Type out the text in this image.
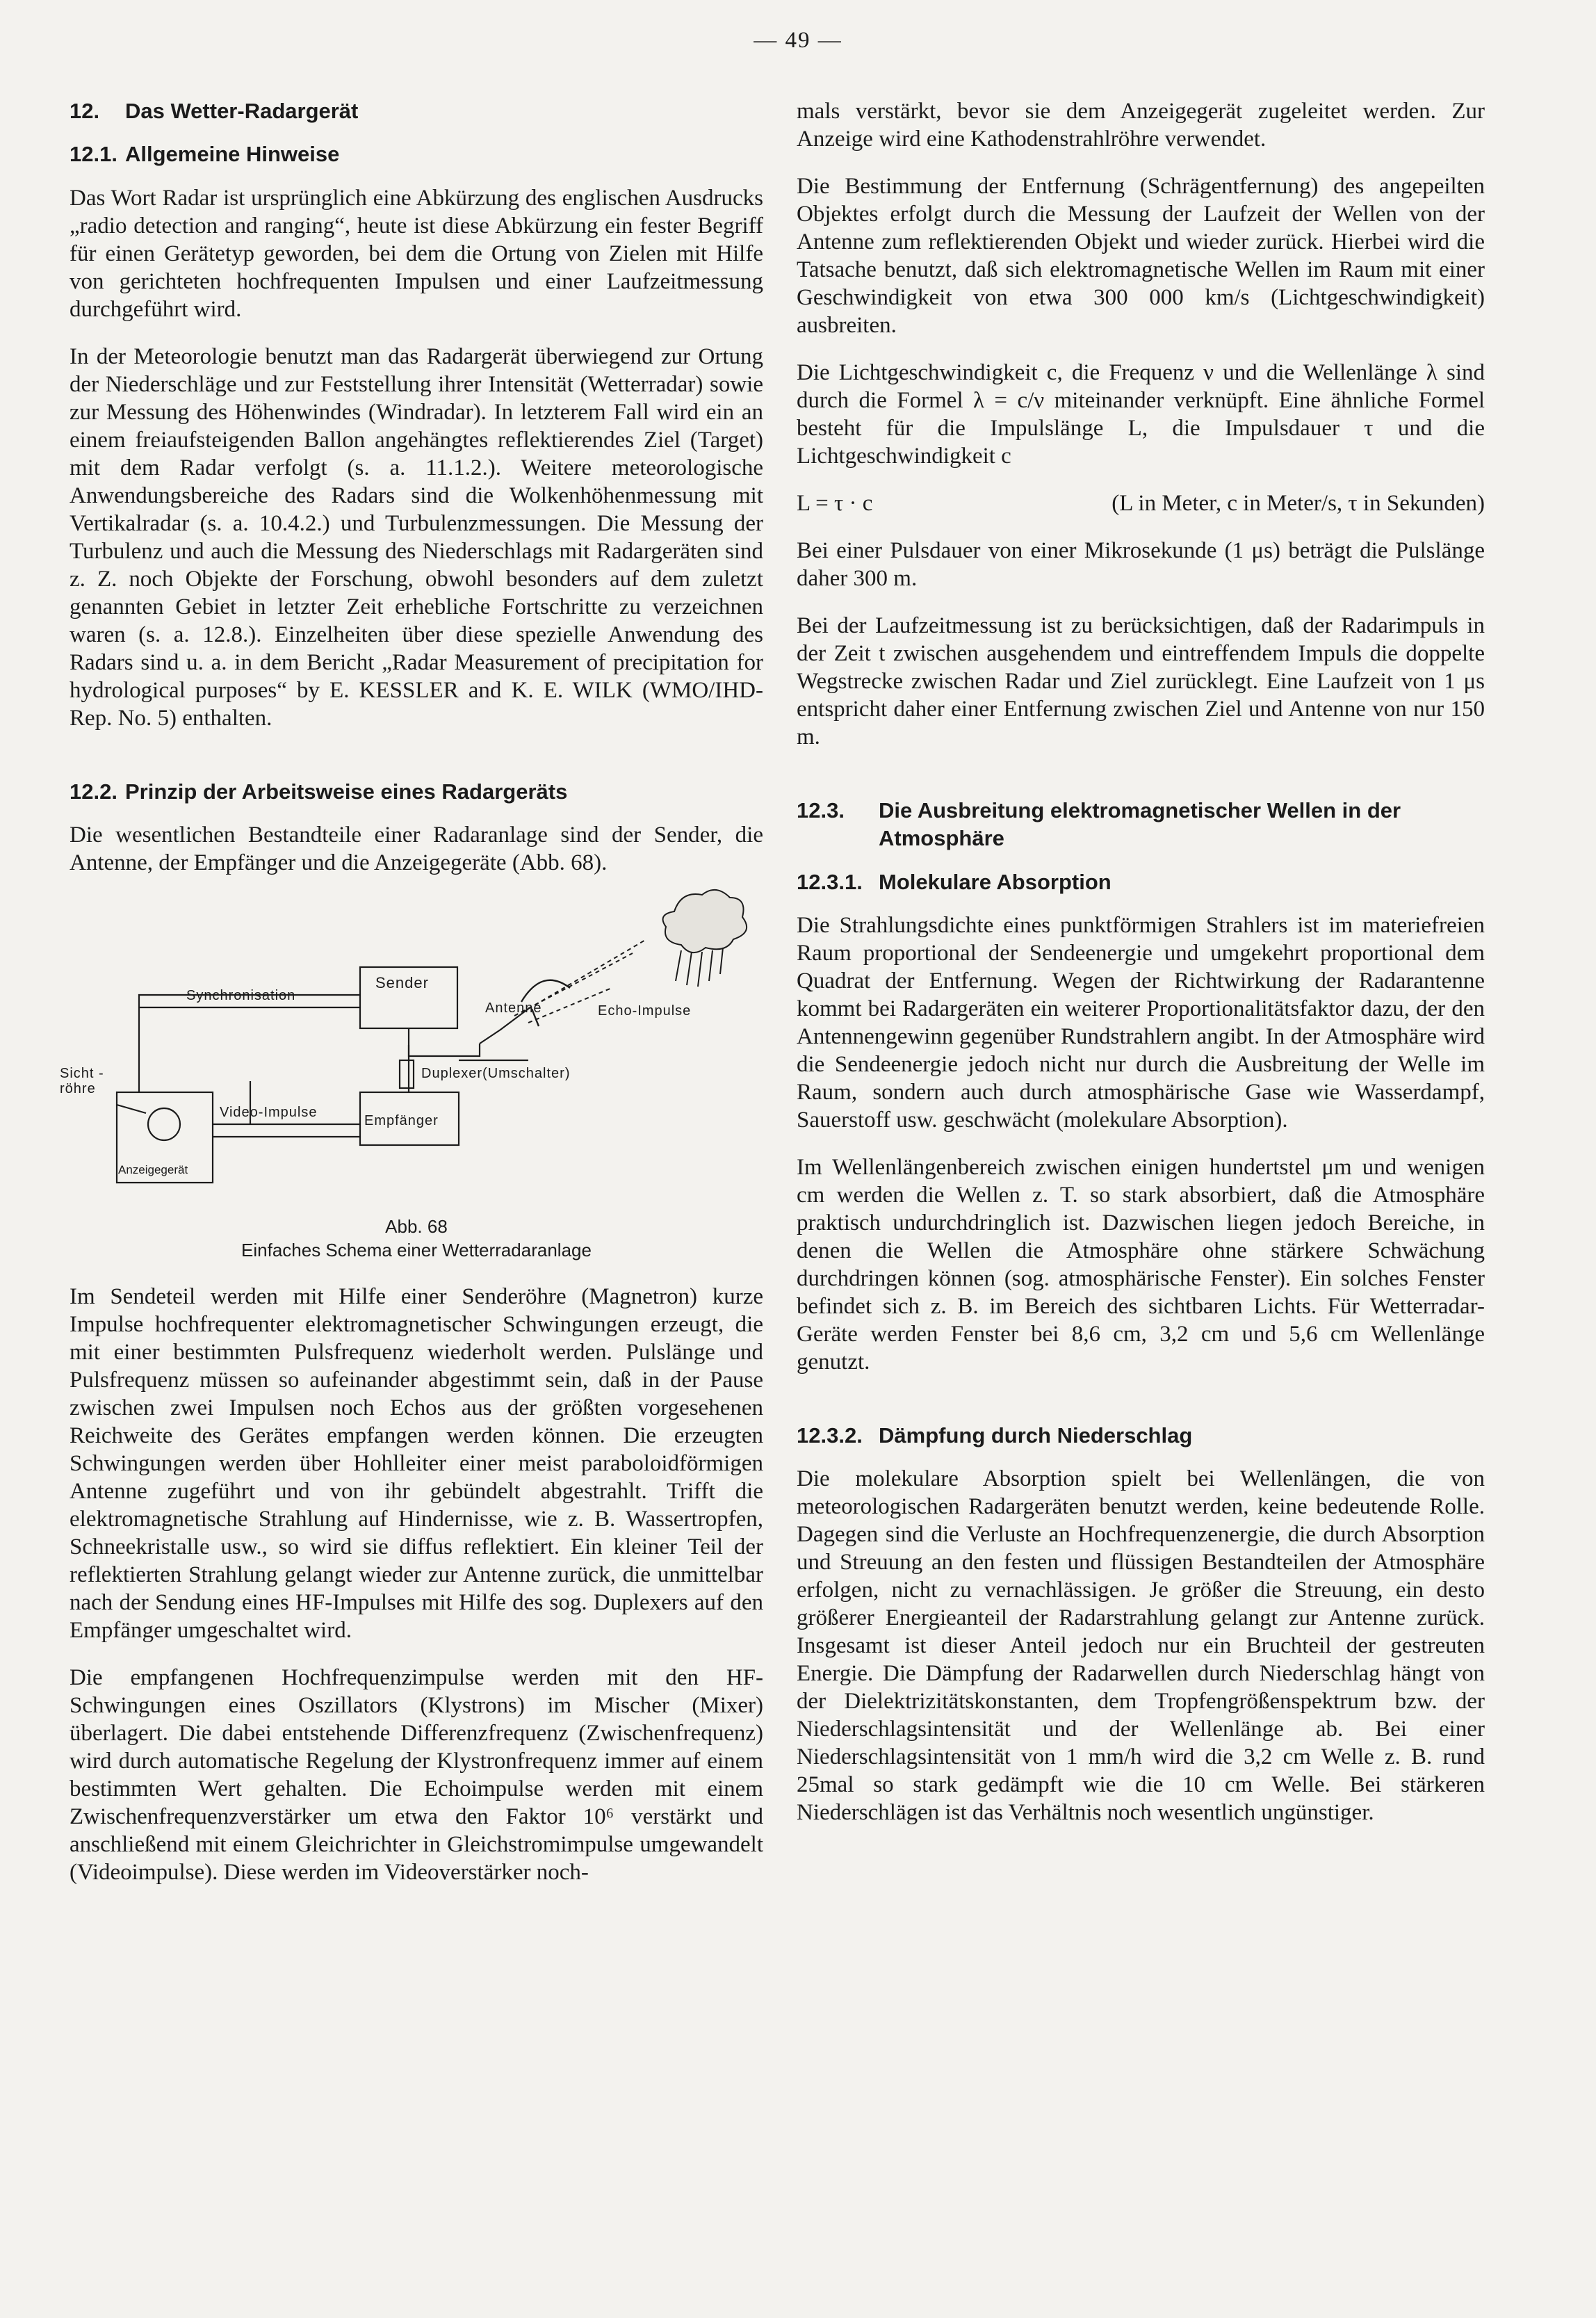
— 49 —
12. Das Wetter-Radargerät
12.1. Allgemeine Hinweise

Das Wort Radar ist ursprünglich eine Abkürzung des englischen Ausdrucks „radio detection and ranging“, heute ist diese Abkürzung ein fester Begriff für einen Gerätetyp geworden, bei dem die Ortung von Zielen mit Hilfe von gerichteten hochfrequenten Impulsen und einer Laufzeitmessung durchgeführt wird.

In der Meteorologie benutzt man das Radargerät überwiegend zur Ortung der Niederschläge und zur Feststellung ihrer Intensität (Wetterradar) sowie zur Messung des Höhenwindes (Windradar). In letzterem Fall wird ein an einem freiaufsteigenden Ballon angehängtes reflektierendes Ziel (Target) mit dem Radar verfolgt (s. a. 11.1.2.). Weitere meteorologische Anwendungsbereiche des Radars sind die Wolkenhöhenmessung mit Vertikalradar (s. a. 10.4.2.) und Turbulenzmessungen. Die Messung der Turbulenz und auch die Messung des Niederschlags mit Radargeräten sind z. Z. noch Objekte der Forschung, obwohl besonders auf dem zuletzt genannten Gebiet in letzter Zeit erhebliche Fortschritte zu verzeichnen waren (s. a. 12.8.). Einzelheiten über diese spezielle Anwendung des Radars sind u. a. in dem Bericht „Radar Measurement of precipitation for hydrological purposes“ by E. KESSLER and K. E. WILK (WMO/IHD-Rep. No. 5) enthalten.

12.2. Prinzip der Arbeitsweise eines Radargeräts

Die wesentlichen Bestandteile einer Radaranlage sind der Sender, die Antenne, der Empfänger und die Anzeigegeräte (Abb. 68).

Synchronisation
Sender
Antenne	Echo-Impulse
Duplexer(Umschalter)
Sicht -
röhre
Video-Impulse
Empfänger
Anzeigegerät
Abb. 68
Einfaches Schema einer Wetterradaranlage

Im Sendeteil werden mit Hilfe einer Senderöhre (Magnetron) kurze Impulse hochfrequenter elektromagnetischer Schwingungen erzeugt, die mit einer bestimmten Pulsfrequenz wiederholt werden. Pulslänge und Pulsfrequenz müssen so aufeinander abgestimmt sein, daß in der Pause zwischen zwei Impulsen noch Echos aus der größten vorgesehenen Reichweite des Gerätes empfangen werden können. Die erzeugten Schwingungen werden über Hohlleiter einer meist paraboloidförmigen Antenne zugeführt und von ihr gebündelt abgestrahlt. Trifft die elektromagnetische Strahlung auf Hindernisse, wie z. B. Wassertropfen, Schneekristalle usw., so wird sie diffus reflektiert. Ein kleiner Teil der reflektierten Strahlung gelangt wieder zur Antenne zurück, die unmittelbar nach der Sendung eines HF-Impulses mit Hilfe des sog. Duplexers auf den Empfänger umgeschaltet wird.

Die empfangenen Hochfrequenzimpulse werden mit den HF-Schwingungen eines Oszillators (Klystrons) im Mischer (Mixer) überlagert. Die dabei entstehende Differenzfrequenz (Zwischenfrequenz) wird durch automatische Regelung der Klystronfrequenz immer auf einem bestimmten Wert gehalten. Die Echoimpulse werden mit einem Zwischenfrequenzverstärker um etwa den Faktor 10⁶ verstärkt und anschließend mit einem Gleichrichter in Gleichstromimpulse umgewandelt (Videoimpulse). Diese werden im Videoverstärker noch-

mals verstärkt, bevor sie dem Anzeigegerät zugeleitet werden. Zur Anzeige wird eine Kathodenstrahlröhre verwendet.

Die Bestimmung der Entfernung (Schrägentfernung) des angepeilten Objektes erfolgt durch die Messung der Laufzeit der Wellen von der Antenne zum reflektierenden Objekt und wieder zurück. Hierbei wird die Tatsache benutzt, daß sich elektromagnetische Wellen im Raum mit einer Geschwindigkeit von etwa 300 000 km/s (Lichtgeschwindigkeit) ausbreiten.

Die Lichtgeschwindigkeit c, die Frequenz ν und die Wellenlänge λ sind durch die Formel λ = c/ν miteinander verknüpft. Eine ähnliche Formel besteht für die Impulslänge L, die Impulsdauer τ und die Lichtgeschwindigkeit c

L = τ · c	(L in Meter, c in Meter/s, τ in Sekunden)

Bei einer Pulsdauer von einer Mikrosekunde (1 μs) beträgt die Pulslänge daher 300 m.

Bei der Laufzeitmessung ist zu berücksichtigen, daß der Radarimpuls in der Zeit t zwischen ausgehendem und eintreffendem Impuls die doppelte Wegstrecke zwischen Radar und Ziel zurücklegt. Eine Laufzeit von 1 μs entspricht daher einer Entfernung zwischen Ziel und Antenne von nur 150 m.

12.3.	Die Ausbreitung elektromagnetischer Wellen in der Atmosphäre
12.3.1. Molekulare Absorption

Die Strahlungsdichte eines punktförmigen Strahlers ist im materiefreien Raum proportional der Sendeenergie und umgekehrt proportional dem Quadrat der Entfernung. Wegen der Richtwirkung der Radarantenne kommt bei Radargeräten ein weiterer Proportionalitätsfaktor dazu, der den Antennengewinn gegenüber Rundstrahlern angibt. In der Atmosphäre wird die Sendeenergie jedoch nicht nur durch die Ausbreitung der Welle im Raum, sondern auch durch atmosphärische Gase wie Wasserdampf, Sauerstoff usw. geschwächt (molekulare Absorption).

Im Wellenlängenbereich zwischen einigen hundertstel μm und wenigen cm werden die Wellen z. T. so stark absorbiert, daß die Atmosphäre praktisch undurchdringlich ist. Dazwischen liegen jedoch Bereiche, in denen die Wellen die Atmosphäre ohne stärkere Schwächung durchdringen können (sog. atmosphärische Fenster). Ein solches Fenster befindet sich z. B. im Bereich des sichtbaren Lichts. Für Wetterradar-Geräte werden Fenster bei 8,6 cm, 3,2 cm und 5,6 cm Wellenlänge genutzt.

12.3.2. Dämpfung durch Niederschlag

Die molekulare Absorption spielt bei Wellenlängen, die von meteorologischen Radargeräten benutzt werden, keine bedeutende Rolle. Dagegen sind die Verluste an Hochfrequenzenergie, die durch Absorption und Streuung an den festen und flüssigen Bestandteilen der Atmosphäre erfolgen, nicht zu vernachlässigen. Je größer die Streuung, ein desto größerer Energieanteil der Radarstrahlung gelangt zur Antenne zurück. Insgesamt ist dieser Anteil jedoch nur ein Bruchteil der gestreuten Energie. Die Dämpfung der Radarwellen durch Niederschlag hängt von der Dielektrizitätskonstanten, dem Tropfengrößenspektrum bzw. der Niederschlagsintensität und der Wellenlänge ab. Bei einer Niederschlagsintensität von 1 mm/h wird die 3,2 cm Welle z. B. rund 25mal so stark gedämpft wie die 10 cm Welle. Bei stärkeren Niederschlägen ist das Verhältnis noch wesentlich ungünstiger.
